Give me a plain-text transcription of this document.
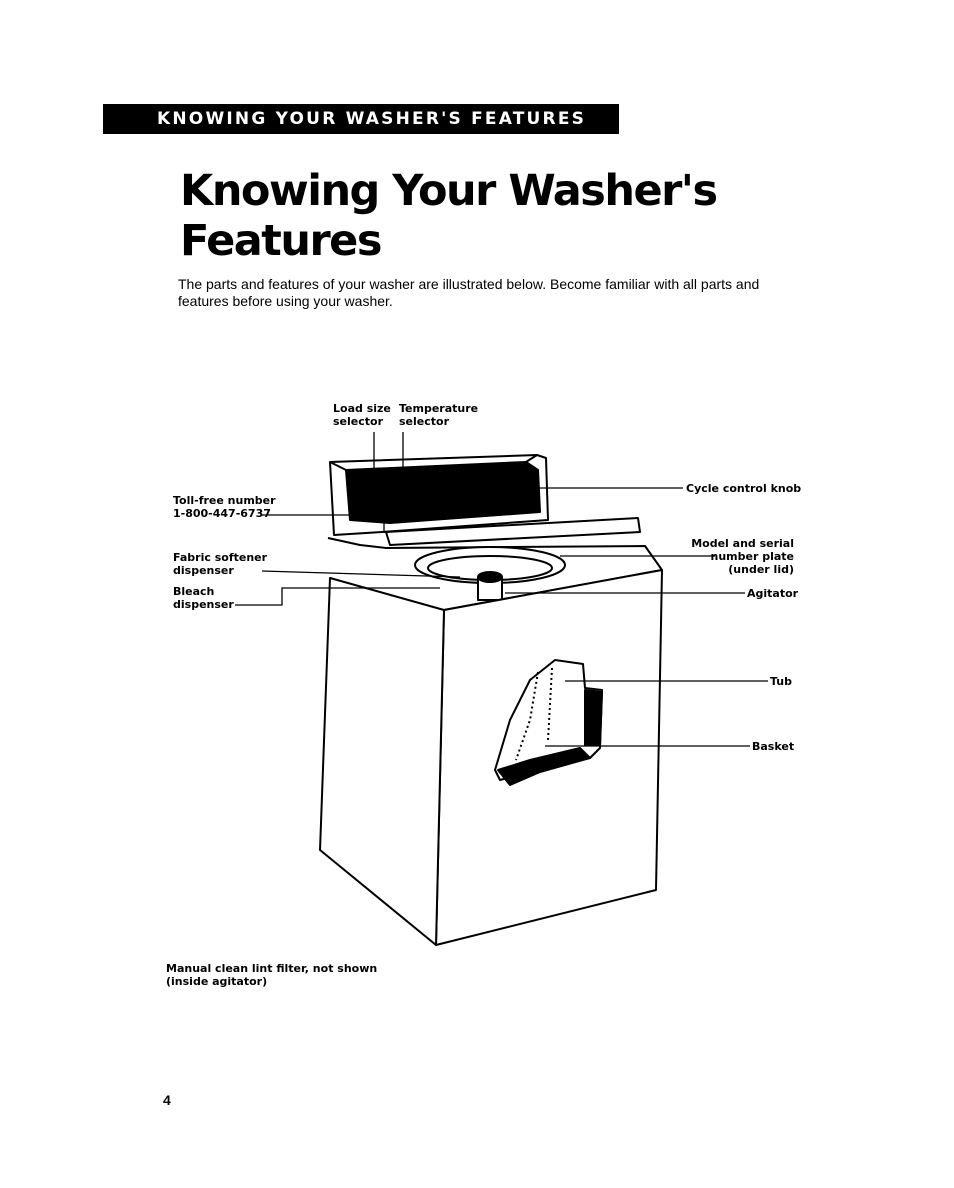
KNOWING YOUR WASHER'S FEATURES
Knowing Your Washer's
Features

The parts and features of your washer are illustrated below. Become familiar with all parts and features before using your washer.

Load size
selector

Temperature
selector

Toll-free number
1-800-447-6737

Fabric softener
dispenser

Bleach
dispenser

Cycle control knob

Model and serial
number plate
(under lid)

Agitator

Tub

Basket

Manual clean lint filter, not shown
(inside agitator)

4
